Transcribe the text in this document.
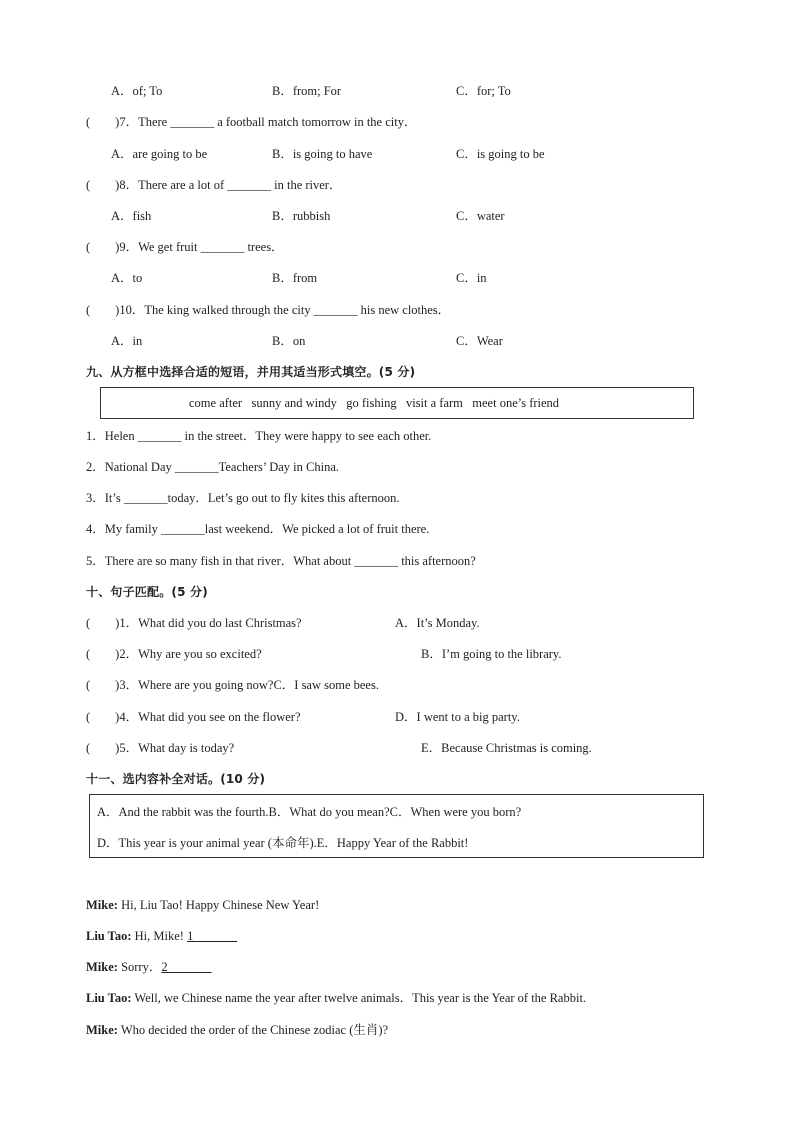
A．of; To	B．from; For	C．for; To
(　　)7．There _______ a football match tomorrow in the city．
A．are going to be	B．is going to have	C．is going to be
(　　)8．There are a lot of _______ in the river．
A．fish	B．rubbish	C．water
(　　)9．We get fruit _______ trees．
A．to	B．from	C．in
(　　)10．The king walked through the city _______ his new clothes．
A．in	B．on	C．Wear
九、从方框中选择合适的短语，并用其适当形式填空。(5 分)
come after   sunny and windy   go fishing   visit a farm   meet one’s friend
1．Helen _______ in the street．They were happy to see each other.
2．National Day _______Teachers’ Day in China.
3．It’s _______today．Let’s go out to fly kites this afternoon.
4．My family _______last weekend．We picked a lot of fruit there.
5．There are so many fish in that river．What about _______ this afternoon?
十、句子匹配。(5 分)
(　　)1．What did you do last Christmas?	A．It’s Monday.
(　　)2．Why are you so excited?	B．I’m going to the library.
(　　)3．Where are you going now?C．I saw some bees.
(　　)4．What did you see on the flower?	D．I went to a big party.
(　　)5．What day is today?	E．Because Christmas is coming.
十一、选内容补全对话。(10 分)
A．And the rabbit was the fourth.B．What do you mean?C．When were you born?
D．This year is your animal year (本命年).E．Happy Year of the Rabbit!
Mike: Hi, Liu Tao! Happy Chinese New Year!
Liu Tao: Hi, Mike! 1_______
Mike: Sorry．2_______
Liu Tao: Well, we Chinese name the year after twelve animals．This year is the Year of the Rabbit.
Mike: Who decided the order of the Chinese zodiac (生肖)?
